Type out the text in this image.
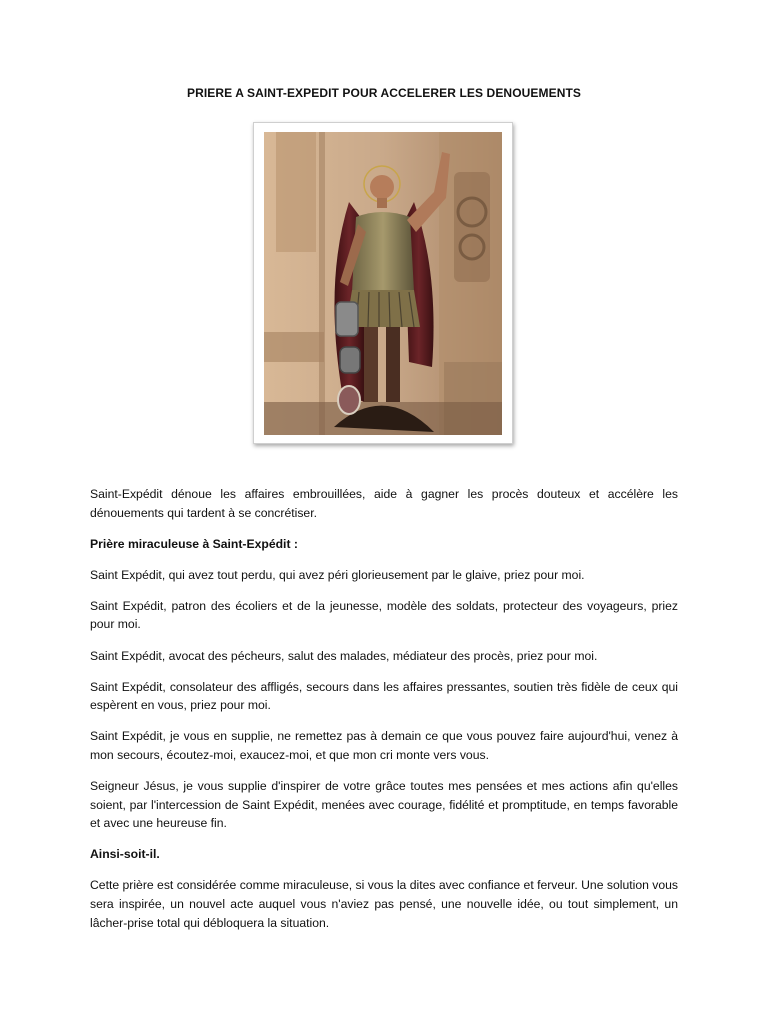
PRIERE A SAINT-EXPEDIT POUR ACCELERER LES DENOUEMENTS

Saint-Expédit dénoue les affaires embrouillées, aide à gagner les procès douteux et accélère les dénouements qui tardent à se concrétiser.

Prière miraculeuse à Saint-Expédit :

Saint Expédit, qui avez tout perdu, qui avez péri glorieusement par le glaive, priez pour moi.

Saint Expédit, patron des écoliers et de la jeunesse, modèle des soldats, protecteur des voyageurs, priez pour moi.

Saint Expédit, avocat des pécheurs, salut des malades, médiateur des procès, priez pour moi.

Saint Expédit, consolateur des affligés, secours dans les affaires pressantes, soutien très fidèle de ceux qui espèrent en vous, priez pour moi.

Saint Expédit, je vous en supplie, ne remettez pas à demain ce que vous pouvez faire aujourd'hui, venez à mon secours, écoutez-moi, exaucez-moi, et que mon cri monte vers vous.

Seigneur Jésus, je vous supplie d'inspirer de votre grâce toutes mes pensées et mes actions afin qu'elles soient, par l'intercession de Saint Expédit, menées avec courage, fidélité et promptitude, en temps favorable et avec une heureuse fin.

Ainsi-soit-il.

Cette prière est considérée comme miraculeuse, si vous la dites avec confiance et ferveur. Une solution vous sera inspirée, un nouvel acte auquel vous n'aviez pas pensé, une nouvelle idée, ou tout simplement, un lâcher-prise total qui débloquera la situation.
